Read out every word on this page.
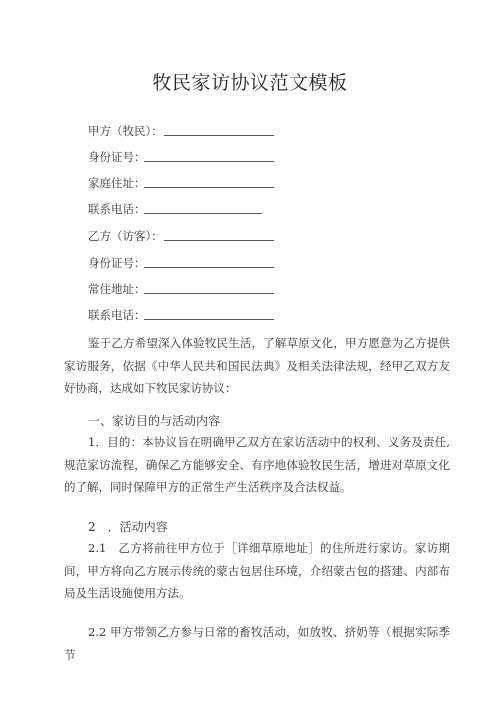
牧民家访协议范文模板
甲方（牧民）：
身份证号：
家庭住址：
联系电话：
乙方（访客）：
身份证号：
常住地址：
联系电话：

鉴于乙方希望深入体验牧民生活，了解草原文化，甲方愿意为乙方提供家访服务，依据《中华人民共和国民法典》及相关法律法规，经甲乙双方友好协商，达成如下牧民家访协议：

一、家访目的与活动内容

1．目的：本协议旨在明确甲乙双方在家访活动中的权利、义务及责任,规范家访流程，确保乙方能够安全、有序地体验牧民生活，增进对草原文化的了解，同时保障甲方的正常生产生活秩序及合法权益。

2　．活动内容

2.1　乙方将前往甲方位于［详细草原地址］的住所进行家访。家访期间，甲方将向乙方展示传统的蒙古包居住环境，介绍蒙古包的搭建、内部布局及生活设施使用方法。

2.2 甲方带领乙方参与日常的畜牧活动，如放牧、挤奶等（根据实际季节
